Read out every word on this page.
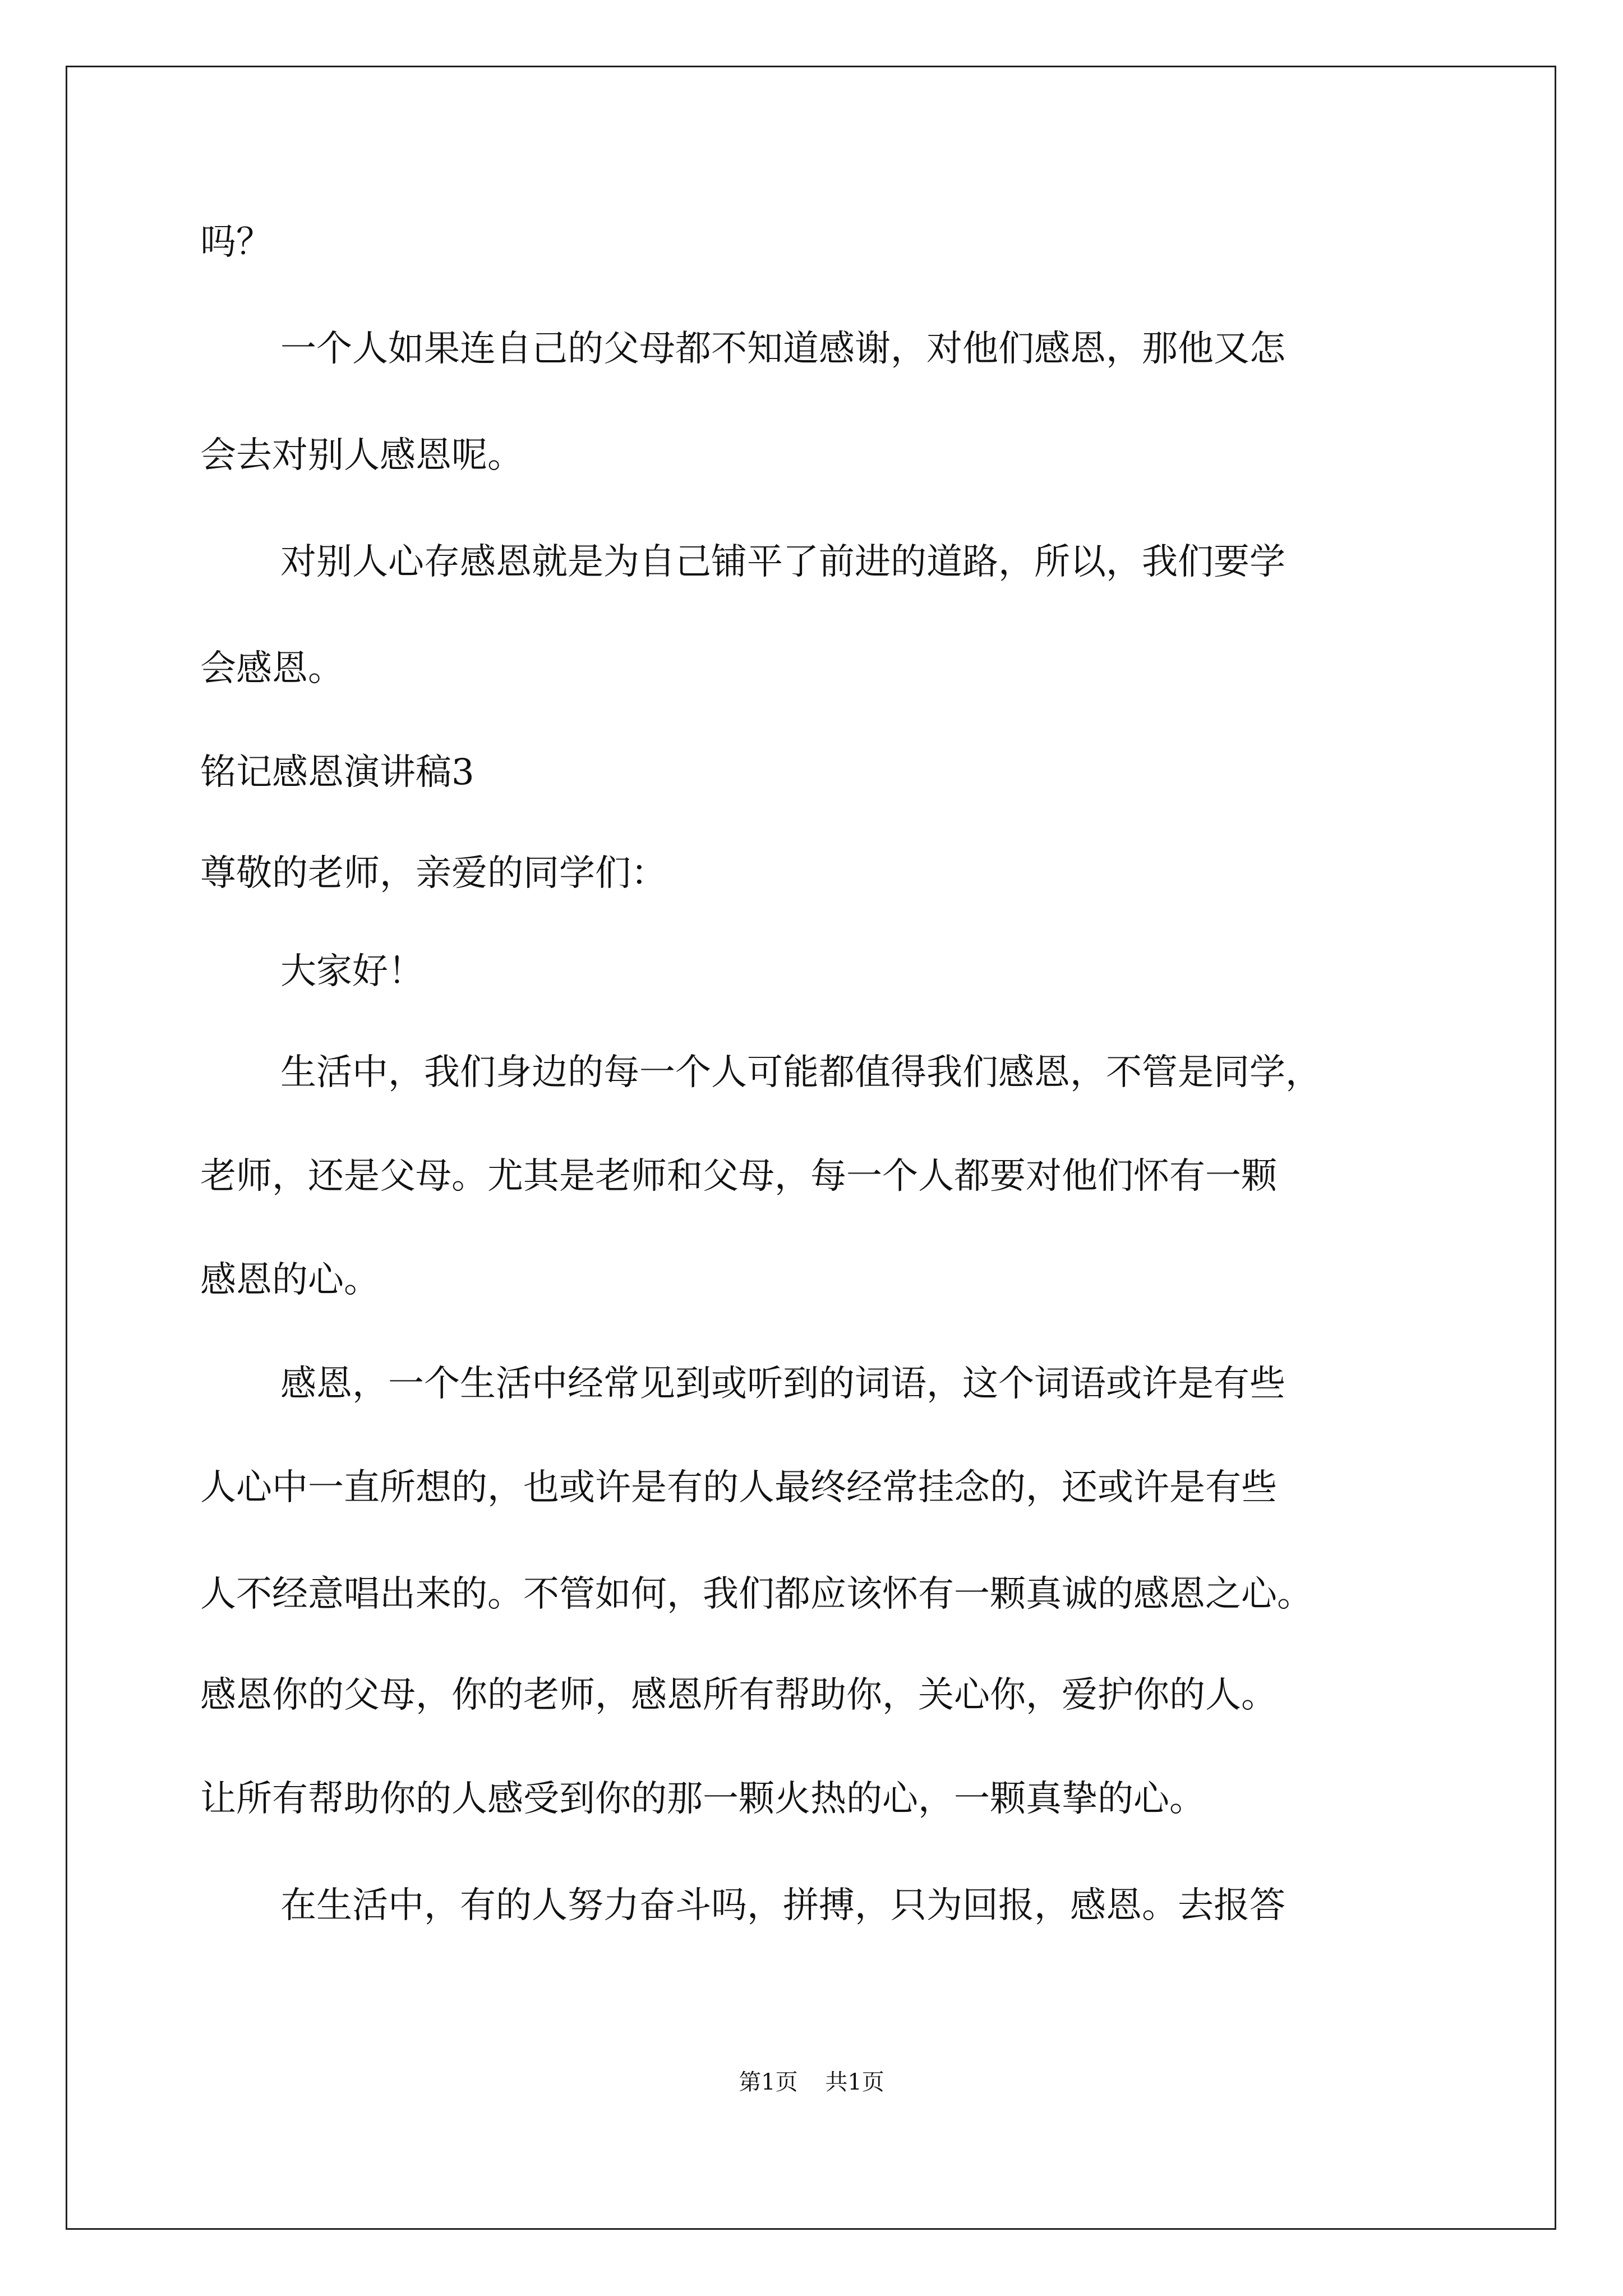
吗？
一个人如果连自己的父母都不知道感谢，对他们感恩，那他又怎
会去对别人感恩呢。
对别人心存感恩就是为自己铺平了前进的道路，所以，我们要学
会感恩。
铭记感恩演讲稿3
尊敬的老师，亲爱的同学们：
大家好！
生活中，我们身边的每一个人可能都值得我们感恩，不管是同学，
老师，还是父母。尤其是老师和父母，每一个人都要对他们怀有一颗
感恩的心。
感恩，一个生活中经常见到或听到的词语，这个词语或许是有些
人心中一直所想的，也或许是有的人最终经常挂念的，还或许是有些
人不经意唱出来的。不管如何，我们都应该怀有一颗真诚的感恩之心。
感恩你的父母，你的老师，感恩所有帮助你，关心你，爱护你的人。
让所有帮助你的人感受到你的那一颗火热的心，一颗真挚的心。
在生活中，有的人努力奋斗吗，拼搏，只为回报，感恩。去报答
第1页 共1页
